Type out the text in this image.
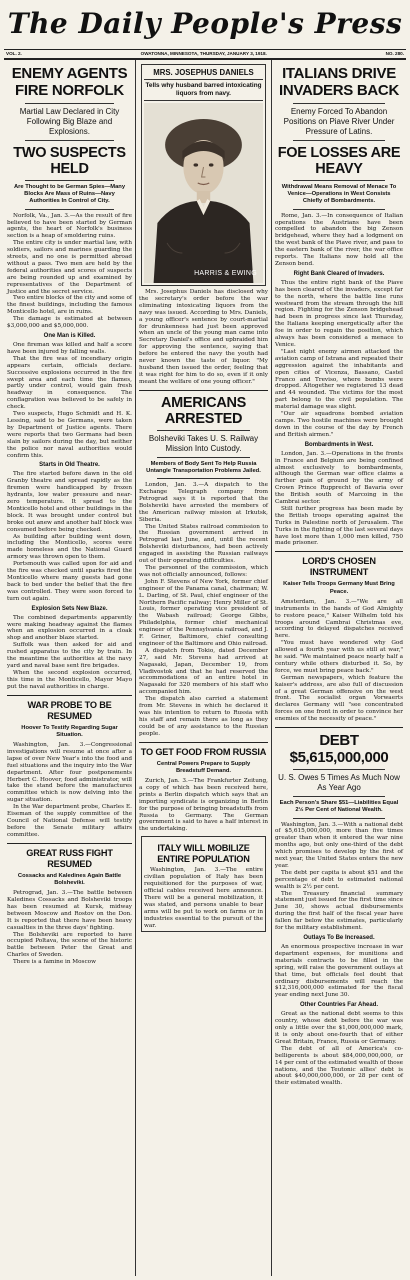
The Daily People's Press
VOL. 2.	OWATONNA, MINNESOTA, THURSDAY, JANUARY 3, 1918.	NO. 280.
ENEMY AGENTS FIRE NORFOLK
Martial Law Declared in City Following Big Blaze and Explosions.
TWO SUSPECTS HELD
Are Thought to be German Spies—Many Blocks Are Mass of Ruins—Navy Authorities In Control of City.

Norfolk, Va., Jan. 3.—As the result of fire believed to have been started by German agents, the heart of Norfolk's business section is a heap of smoldering ruins.

The entire city is under martial law, with soldiers, sailors and marines guarding the streets, and no one is permitted abroad without a pass. Two men are held by the federal authorities and scores of suspects are being rounded up and examined by representatives of the Department of Justice and the secret service.

Two entire blocks of the city and some of the finest buildings, including the famous Monticello hotel, are in ruins.

The damage is estimated at between $3,000,000 and $5,000,000.

One Man is Killed.

One fireman was killed and half a score have been injured by falling walls.

That the fire was of incendiary origin appears certain, officials declare. Successive explosions occurred in the fire swept area and each time the flames, partly under control, would gain fresh headway in consequence. The conflagration was believed to be safely in check.

Two suspects, Hugo Schmidt and H. K. Lessing, said to be Germans, were taken by Department of Justice agents. There were reports that two Germans had been slain by sailors during the day, but neither the police nor naval authorities would confirm this.

Starts in Old Theatre.

The fire started before dawn in the old Granby theatre and spread rapidly as the firemen were handicapped by frozen hydrants, low water pressure and near-zero temperature. It spread to the Monticello hotel and other buildings in the block. It was brought under control but broke out anew and another half block was consumed before being checked.

As building after building went down, including the Monticello, scores were made homeless and the National Guard armory was thrown open to them.

Portsmouth was called upon for aid and the fire was checked until sparks fired the Monticello where many guests had gone back to bed under the belief that the fire was controlled. They were soon forced to turn out again.

Explosion Sets New Blaze.

The combined departments apparently were making headway against the flames when an explosion occurred in a cloak shop and another blaze started.

Suffolk was then asked for aid and rushed apparatus to the city by train. In the meantime the authorities at the navy yard and naval base sent fire brigades.

When the second explosion occurred, this time in the Monticello, Mayor Mayo put the naval authorities in charge.

WAR PROBE TO BE RESUMED
Hoover To Testify Regarding Sugar Situation.

Washington, Jan. 3.—Congressional investigations will resume at once after a lapse of over New Year's into the food and fuel situations and the inquiry into the War department. After four postponements Herbert C. Hoover, food administrator, will take the stand before the manufactures committee which is now delving into the sugar situation.

In the War department probe, Charles E. Eiseman of the supply committee of the Council of National Defense will testify before the Senate military affairs committee.

GREAT RUSS FIGHT RESUMED
Cossacks and Kaledines Again Battle Bolsheviki.

Petrograd, Jan. 3.—The battle between Kaledines Cossacks and Bolsheviki troops has been resumed at Kursk, midway between Moscow and Rostov on the Don. It is reported that there have been heavy casualties in the three days' fighting.

The Bolsheviki are reported to have occupied Poltava, the scene of the historic battle between Peter the Great and Charles of Sweden.

There is a famine in Moscow

MRS. JOSEPHUS DANIELS
Tells why husband barred intoxicating liquors from navy.
HARRIS & EWING

Mrs. Josephus Daniels has disclosed why the secretary's order before the war eliminating intoxicating liquors from the navy was issued. According to Mrs. Daniels, a young officer's sentence by court-martial for drunkenness had just been approved when an uncle of the young man came into Secretary Daniel's office and upbraided him for approving the sentence, saying that before he entered the navy the youth had never known the taste of liquor. "My husband then issued the order, feeling that it was right for him to do so, even if it only meant the welfare of one young officer."

AMERICANS ARRESTED
Bolsheviki Takes U. S. Railway Mission Into Custody.
Members of Body Sent To Help Russia Untangle Transportation Problems Jailed.

London, Jan. 3.—A dispatch to the Exchange Telegraph company from Petrograd says it is reported that the Bolsheviki have arrested the members of the American railway mission at Irkutsk, Siberia.

The United States railroad commission to the Russian government arrived in Petrograd last June, and, until the recent Bolsheviki disturbances, had been actively engaged in assisting the Russian railways out of their operating difficulties.

The personnel of the commission, which was not officially announced, follows:

John F. Stevens of New York, former chief engineer of the Panama canal, chairman; W. L. Darling, of St. Paul, chief engineer of the Northern Pacific railway; Henry Miller of St. Louis, former operating vice president of the Wabash railroad; George Gibbs, Philadelphia, former chief mechanical engineer of the Pennsylvania railroad, and J. F. Griner, Baltimore, chief consulting engineer of the Baltimore and Ohio railroad.

A dispatch from Tokio, dated December 27, said Mr. Stevens had arrived at Nagasaki, Japan, December 19, from Vladivostok and that he had reserved the accommodations of an entire hotel in Nagasaki for 320 members of his staff who accompanied him.

The dispatch also carried a statement from Mr. Stevens in which he declared it was his intention to return to Russia with his staff and remain there as long as they could be of any assistance to the Russian people.

TO GET FOOD FROM RUSSIA
Central Powers Prepare to Supply Breadstuff Demand.

Zurich, Jan. 3.—The Frankfurter Zeitung, a copy of which has been received here, prints a Berlin dispatch which says that an importing syndicate is organizing in Berlin for the purpose of bringing breadstuffs from Russia to Germany. The German government is said to have a half interest in the undertaking.

ITALY WILL MOBILIZE ENTIRE POPULATION

Washington, Jan. 3.—The entire civilian population of Italy has been requisitioned for the purposes of war, official cables received here announce. There will be a general mobilization, it was stated, and persons unable to bear arms will be put to work on farms or in industries essential to the pursuit of the war.

ITALIANS DRIVE INVADERS BACK
Enemy Forced To Abandon Positions on Piave River Under Pressure of Latins.
FOE LOSSES ARE HEAVY
Withdrawal Means Removal of Menace To Venice—Operations in West Consists Chiefly of Bombardments.

Rome, Jan. 3.—In consequence of Italian operations the Austrians have been compelled to abandon the big Zenson bridgehead, where they had a lodgment on the west bank of the Piave river, and pass to the eastern bank of the river, the war office reports. The Italians now hold all the Zenson bend.

Right Bank Cleared of Invaders.

Thus the entire right bank of the Piave has been cleared of the invaders, except far to the north, where the battle line runs westward from the stream through the hill region. Fighting for the Zenson bridgehead had been in progress since last Thursday, the Italians keeping energetically after the foe in order to regain the position, which always has been considered a menace to Venice.

"Last night enemy airmen attacked the aviation camp of Istrana and repeated their aggression against the inhabitants and open cities of Vicenza, Bassano, Castel Franco and Treviso, where bombs were dropped. Altogether we registered 13 dead and 44 wounded. The victims for the most part belong to the civil population. The material damage was slight.

"Our air squadrons bombed aviation camps. Two hostile machines were brought down in the course of the day by French and British airmen."

Bombardments in West.

London, Jan. 3.—Operations in the fronts in France and Belgium are being confined almost exclusively to bombardments, although the German war office claims a further gain of ground by the army of Crown Prince Rupprecht of Bavaria over the British south of Marcoing in the Cambrai sector.

Still further progress has been made by the British troops operating against the Turks in Palestine north of Jerusalem. The Turks in the fighting of the last several days have lost more than 1,000 men killed, 750 made prisoner.

LORD'S CHOSEN INSTRUMENT
Kaiser Tells Troops Germany Must Bring Peace.

Amsterdam, Jan. 3.—"We are all instruments in the hands of God Almighty to restore peace," Kaiser Wilhelm told his troops around Cambrai Christmas eve, according to delayed dispatches received here.

"You must have wondered why God allowed a fourth year with us still at war," he said. "We maintained peace nearly half a century while others disturbed it. So, by force, we must bring peace back."

German newspapers, which feature the kaiser's address, are also full of discussion of a great German offensive on the west front. The socialist organ Vorwaerts declares Germany will "see concentrated forces on one front in order to convince her enemies of the necessity of peace."

DEBT $5,615,000,000
U. S. Owes 5 Times As Much Now As Year Ago
Each Person's Share $51—Liabilities Equal 2½ Per Cent of National Wealth.

Washington, Jan. 3.—With a national debt of $5,615,000,000, more than five times greater than when it entered the war nine months ago, but only one-third of the debt which promises to develop by the first of next year, the United States enters the new year.

The debt per capita is about $51 and the percentage of debt to estimated national wealth is 2½ per cent.

The Treasury financial summary statement just issued for the first time since June 30, shows actual disbursements during the first half of the fiscal year have fallen far below the estimates, particularly for the military establishment.

Outlays To Be Increased.

An enormous prospective increase in war department expenses, for munitions and materials contracts to be filled in the spring, will raise the government outlays at that time, but officials feel doubt that ordinary disbursements will reach the $12,316,000,000 estimated for the fiscal year ending next June 30.

Other Countries Far Ahead.

Great as the national debt seems to this country, whose debt before the war was only a little over the $1,000,000,000 mark, it is only about one-fourth that of either Great Britain, France, Russia or Germany.

The debt of all of America's co-belligerents is about $84,000,000,000, or 14 per cent of the estimated wealth of those nations, and the Teutonic allies' debt is about $40,000,000,000, or 28 per cent of their estimated wealth.
